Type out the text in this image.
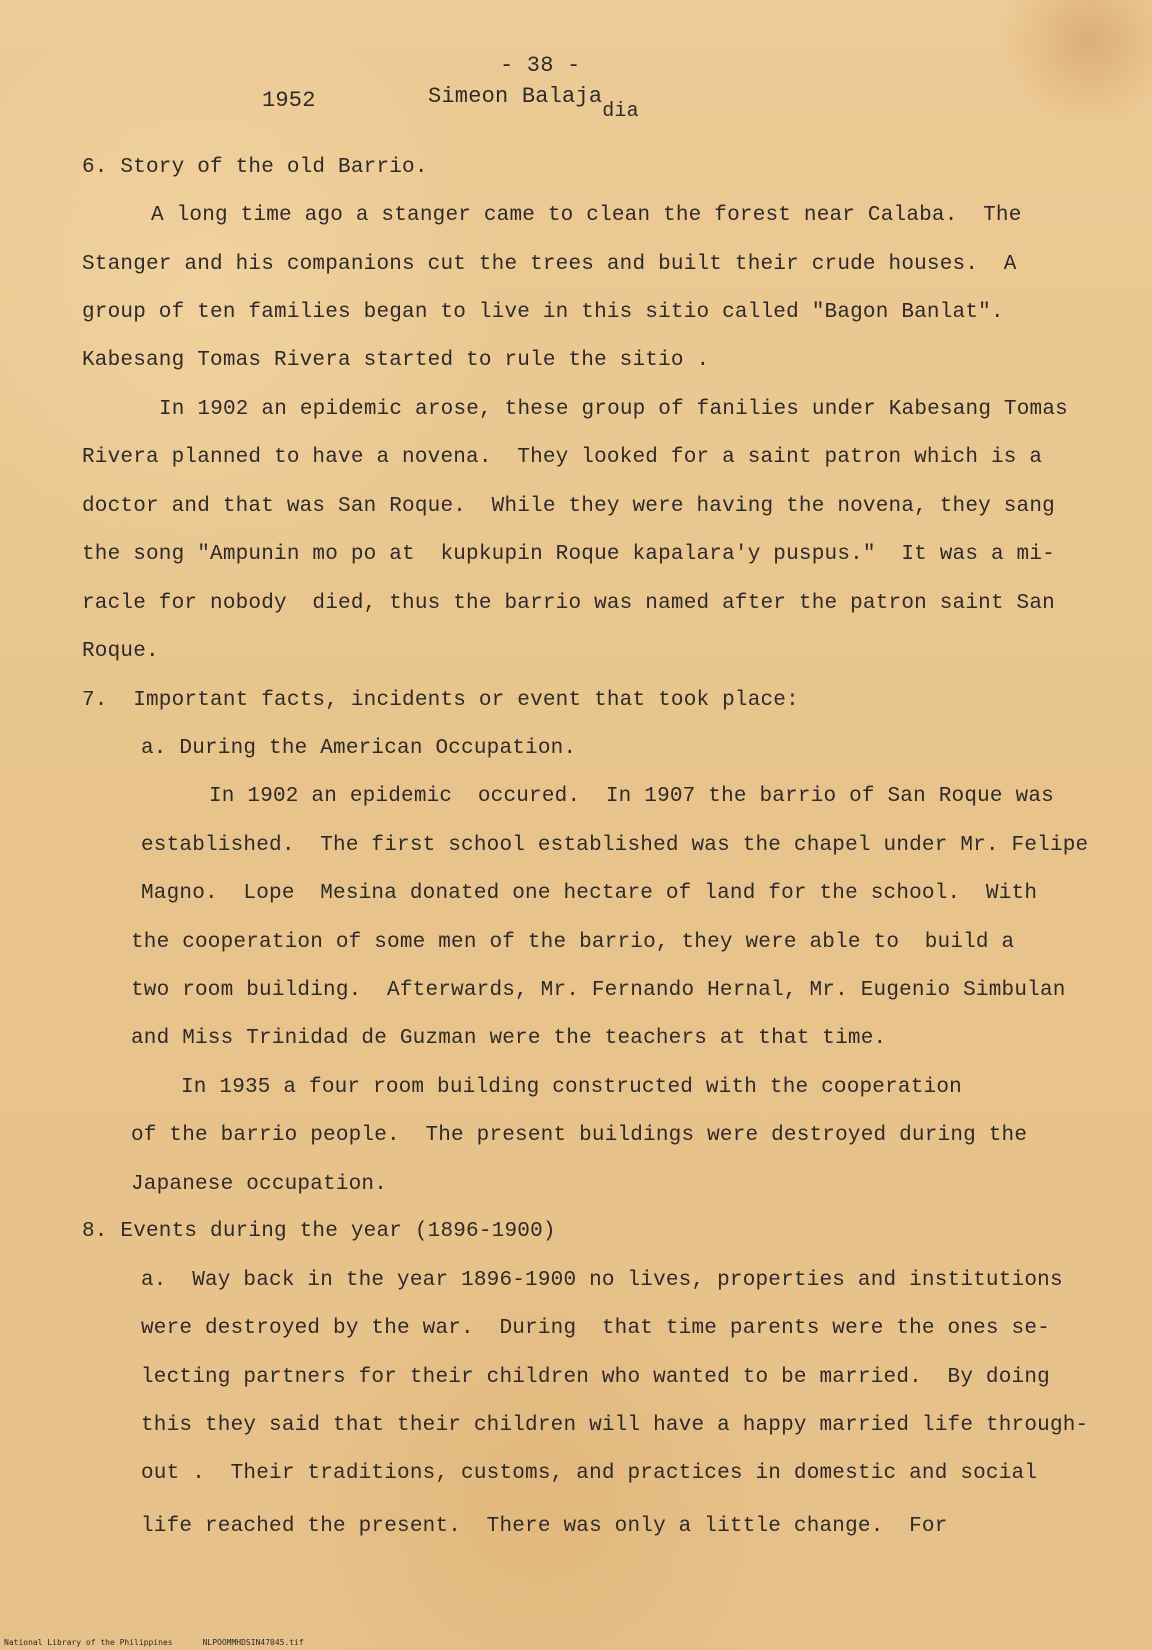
- 38 -
1952	Simeon Balajadia
6. Story of the old Barrio.
A long time ago a stanger came to clean the forest near Calaba.  The
Stanger and his companions cut the trees and built their crude houses.  A
group of ten families began to live in this sitio called "Bagon Banlat".
Kabesang Tomas Rivera started to rule the sitio .
In 1902 an epidemic arose, these group of fanilies under Kabesang Tomas
Rivera planned to have a novena.  They looked for a saint patron which is a
doctor and that was San Roque.  While they were having the novena, they sang
the song "Ampunin mo po at  kupkupin Roque kapalara'y puspus."  It was a mi-
racle for nobody  died, thus the barrio was named after the patron saint San
Roque.
7.  Important facts, incidents or event that took place:
a. During the American Occupation.
In 1902 an epidemic  occured.  In 1907 the barrio of San Roque was
established.  The first school established was the chapel under Mr. Felipe
Magno.  Lope  Mesina donated one hectare of land for the school.  With
the cooperation of some men of the barrio, they were able to  build a
two room building.  Afterwards, Mr. Fernando Hernal, Mr. Eugenio Simbulan
and Miss Trinidad de Guzman were the teachers at that time.
In 1935 a four room building constructed with the cooperation
of the barrio people.  The present buildings were destroyed during the
Japanese occupation.
8. Events during the year (1896-1900)
a.  Way back in the year 1896-1900 no lives, properties and institutions
were destroyed by the war.  During  that time parents were the ones se-
lecting partners for their children who wanted to be married.  By doing
this they said that their children will have a happy married life through-
out .  Their traditions, customs, and practices in domestic and social
life reached the present.  There was only a little change.  For
National Library of the Philippines	NLPOOMMHDSIN47045.tif
